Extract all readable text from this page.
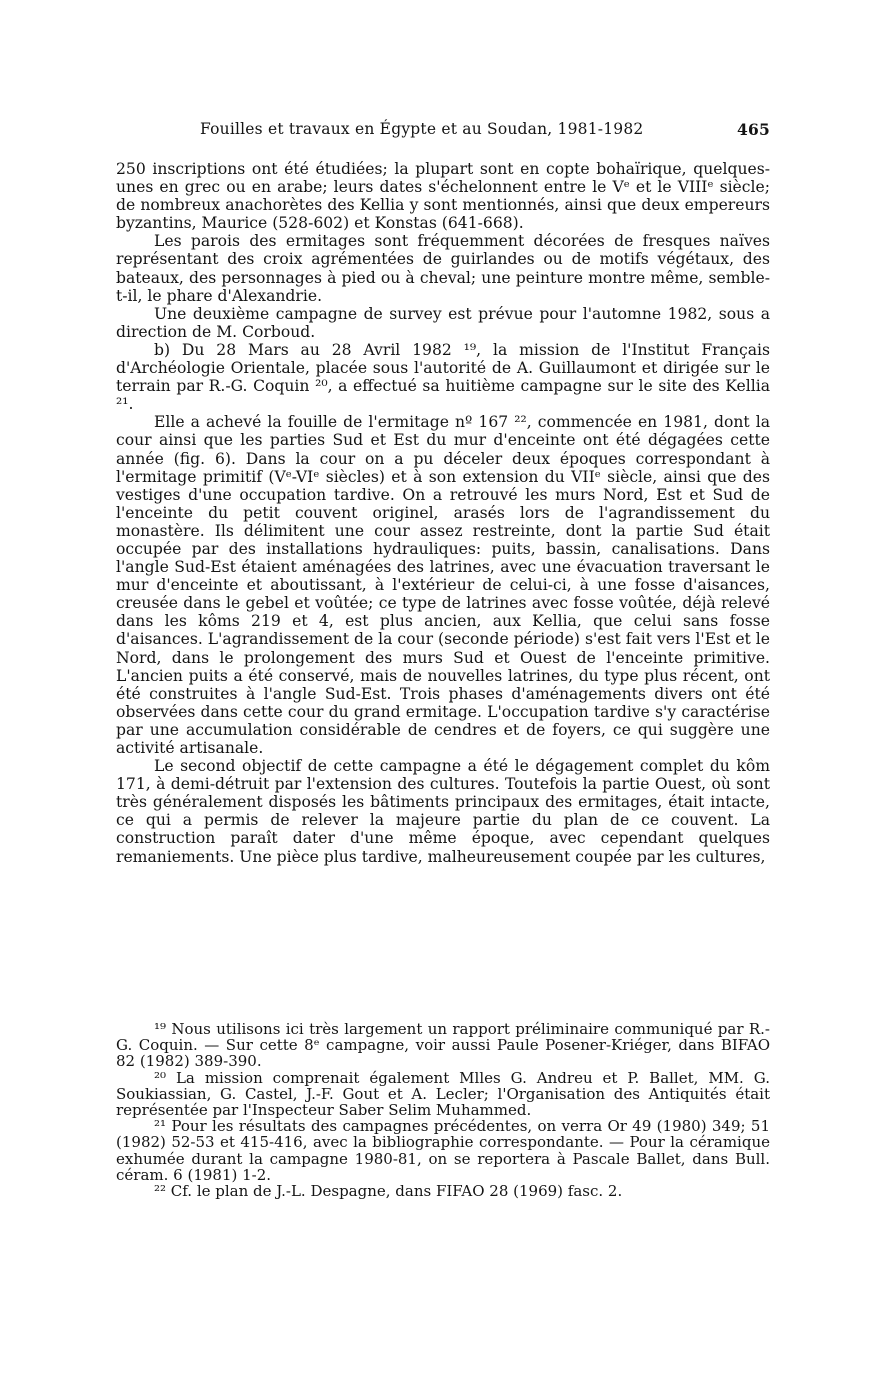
Fouilles et travaux en Égypte et au Soudan, 1981-1982	465

250 inscriptions ont été étudiées; la plupart sont en copte bohaïrique, quelques-unes en grec ou en arabe; leurs dates s'échelonnent entre le Vᵉ et le VIIIᵉ siècle; de nombreux anachorètes des Kellia y sont mentionnés, ainsi que deux empereurs byzantins, Maurice (528-602) et Konstas (641-668).

Les parois des ermitages sont fréquemment décorées de fresques naïves représentant des croix agrémentées de guirlandes ou de motifs végétaux, des bateaux, des personnages à pied ou à cheval; une peinture montre même, semble-t-il, le phare d'Alexandrie.

Une deuxième campagne de survey est prévue pour l'automne 1982, sous a direction de M. Corboud.

b) Du 28 Mars au 28 Avril 1982 ¹⁹, la mission de l'Institut Français d'Archéologie Orientale, placée sous l'autorité de A. Guillaumont et dirigée sur le terrain par R.-G. Coquin ²⁰, a effectué sa huitième campagne sur le site des Kellia ²¹.

Elle a achevé la fouille de l'ermitage nº 167 ²², commencée en 1981, dont la cour ainsi que les parties Sud et Est du mur d'enceinte ont été dégagées cette année (fig. 6). Dans la cour on a pu déceler deux époques correspondant à l'ermitage primitif (Vᵉ-VIᵉ siècles) et à son extension du VIIᵉ siècle, ainsi que des vestiges d'une occupation tardive. On a retrouvé les murs Nord, Est et Sud de l'enceinte du petit couvent originel, arasés lors de l'agrandissement du monastère. Ils délimitent une cour assez restreinte, dont la partie Sud était occupée par des installations hydrauliques: puits, bassin, canalisations. Dans l'angle Sud-Est étaient aménagées des latrines, avec une évacuation traversant le mur d'enceinte et aboutissant, à l'extérieur de celui-ci, à une fosse d'aisances, creusée dans le gebel et voûtée; ce type de latrines avec fosse voûtée, déjà relevé dans les kôms 219 et 4, est plus ancien, aux Kellia, que celui sans fosse d'aisances. L'agrandissement de la cour (seconde période) s'est fait vers l'Est et le Nord, dans le prolongement des murs Sud et Ouest de l'enceinte primitive. L'ancien puits a été conservé, mais de nouvelles latrines, du type plus récent, ont été construites à l'angle Sud-Est. Trois phases d'aménagements divers ont été observées dans cette cour du grand ermitage. L'occupation tardive s'y caractérise par une accumulation considérable de cendres et de foyers, ce qui suggère une activité artisanale.

Le second objectif de cette campagne a été le dégagement complet du kôm 171, à demi-détruit par l'extension des cultures. Toutefois la partie Ouest, où sont très généralement disposés les bâtiments principaux des ermitages, était intacte, ce qui a permis de relever la majeure partie du plan de ce couvent. La construction paraît dater d'une même époque, avec cependant quelques remaniements. Une pièce plus tardive, malheureusement coupée par les cultures,

¹⁹ Nous utilisons ici très largement un rapport préliminaire communiqué par R.-G. Coquin. — Sur cette 8ᵉ campagne, voir aussi Paule Posener-Kriéger, dans BIFAO 82 (1982) 389-390.

²⁰ La mission comprenait également Mlles G. Andreu et P. Ballet, MM. G. Soukiassian, G. Castel, J.-F. Gout et A. Lecler; l'Organisation des Antiquités était représentée par l'Inspecteur Saber Selim Muhammed.

²¹ Pour les résultats des campagnes précédentes, on verra Or 49 (1980) 349; 51 (1982) 52-53 et 415-416, avec la bibliographie correspondante. — Pour la céramique exhumée durant la campagne 1980-81, on se reportera à Pascale Ballet, dans Bull. céram. 6 (1981) 1-2.

²² Cf. le plan de J.-L. Despagne, dans FIFAO 28 (1969) fasc. 2.
